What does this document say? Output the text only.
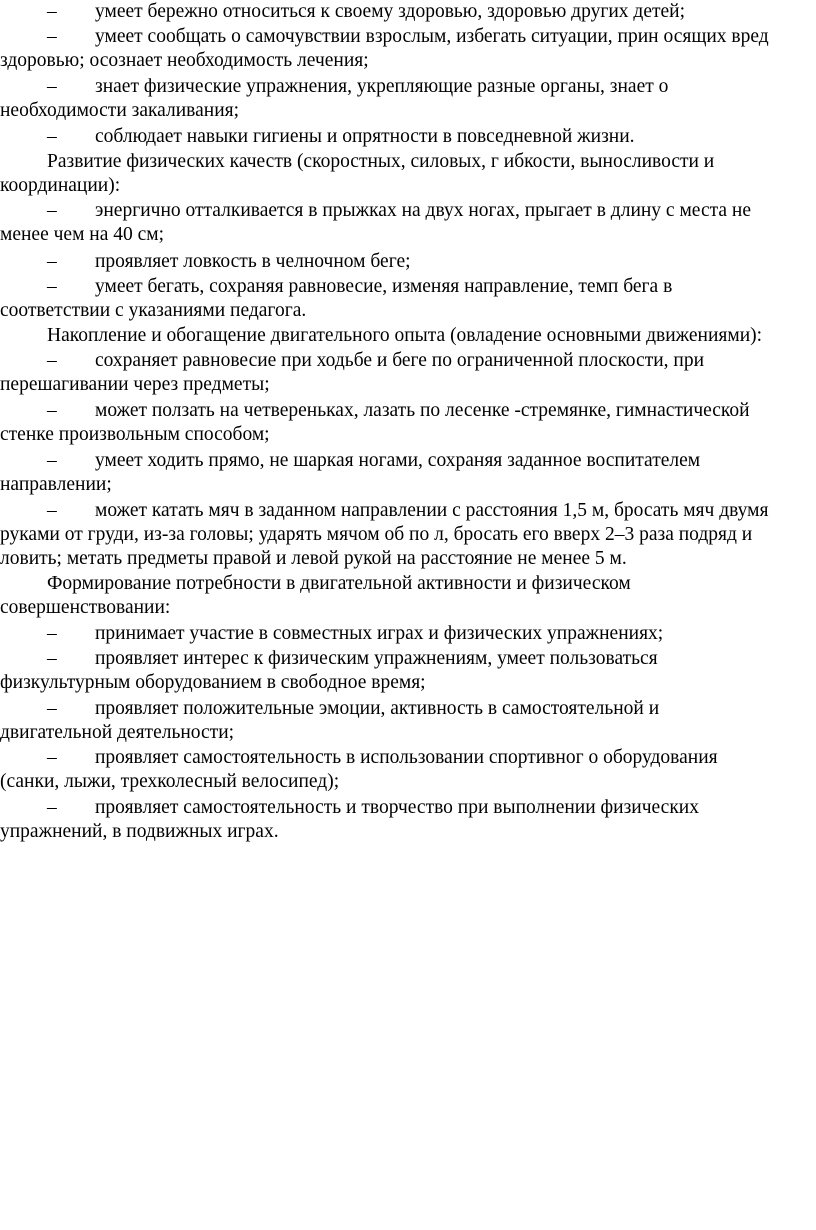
– умеет бережно относиться к своему здоровью, здоровью других детей;
– умеет сообщать о самочувствии взрослым, избегать ситуации, прин осящих вред
здоровью; осознает необходимость лечения;
– знает физические упражнения, укрепляющие разные органы, знает о
необходимости закаливания;
– соблюдает навыки гигиены и опрятности в повседневной жизни.
Развитие физических качеств (скоростных, силовых, г ибкости, выносливости и
координации):
– энергично отталкивается в прыжках на двух ногах, прыгает в длину с места не
менее чем на 40 см;
– проявляет ловкость в челночном беге;
– умеет бегать, сохраняя равновесие, изменяя направление, темп бега в
соответствии с указаниями педагога.
Накопление и обогащение двигательного опыта (овладение основными движениями):
– сохраняет равновесие при ходьбе и беге по ограниченной плоскости, при
перешагивании через предметы;
– может ползать на четвереньках, лазать по лесенке -стремянке, гимнастической
стенке произвольным способом;
– умеет ходить прямо, не шаркая ногами, сохраняя заданное воспитателем
направлении;
– может катать мяч в заданном направлении с расстояния 1,5 м, бросать мяч двумя
руками от груди, из-за головы; ударять мячом об по л, бросать его вверх 2–3 раза подряд и
ловить; метать предметы правой и левой рукой на расстояние не менее 5 м.
Формирование потребности в двигательной активности и физическом
совершенствовании:
– принимает участие в совместных играх и физических упражнениях;
– проявляет интерес к физическим упражнениям, умеет пользоваться
физкультурным оборудованием в свободное время;
– проявляет положительные эмоции, активность в самостоятельной и
двигательной деятельности;
– проявляет самостоятельность в использовании спортивног о оборудования
(санки, лыжи, трехколесный велосипед);
– проявляет самостоятельность и творчество при выполнении физических
упражнений, в подвижных играх.
